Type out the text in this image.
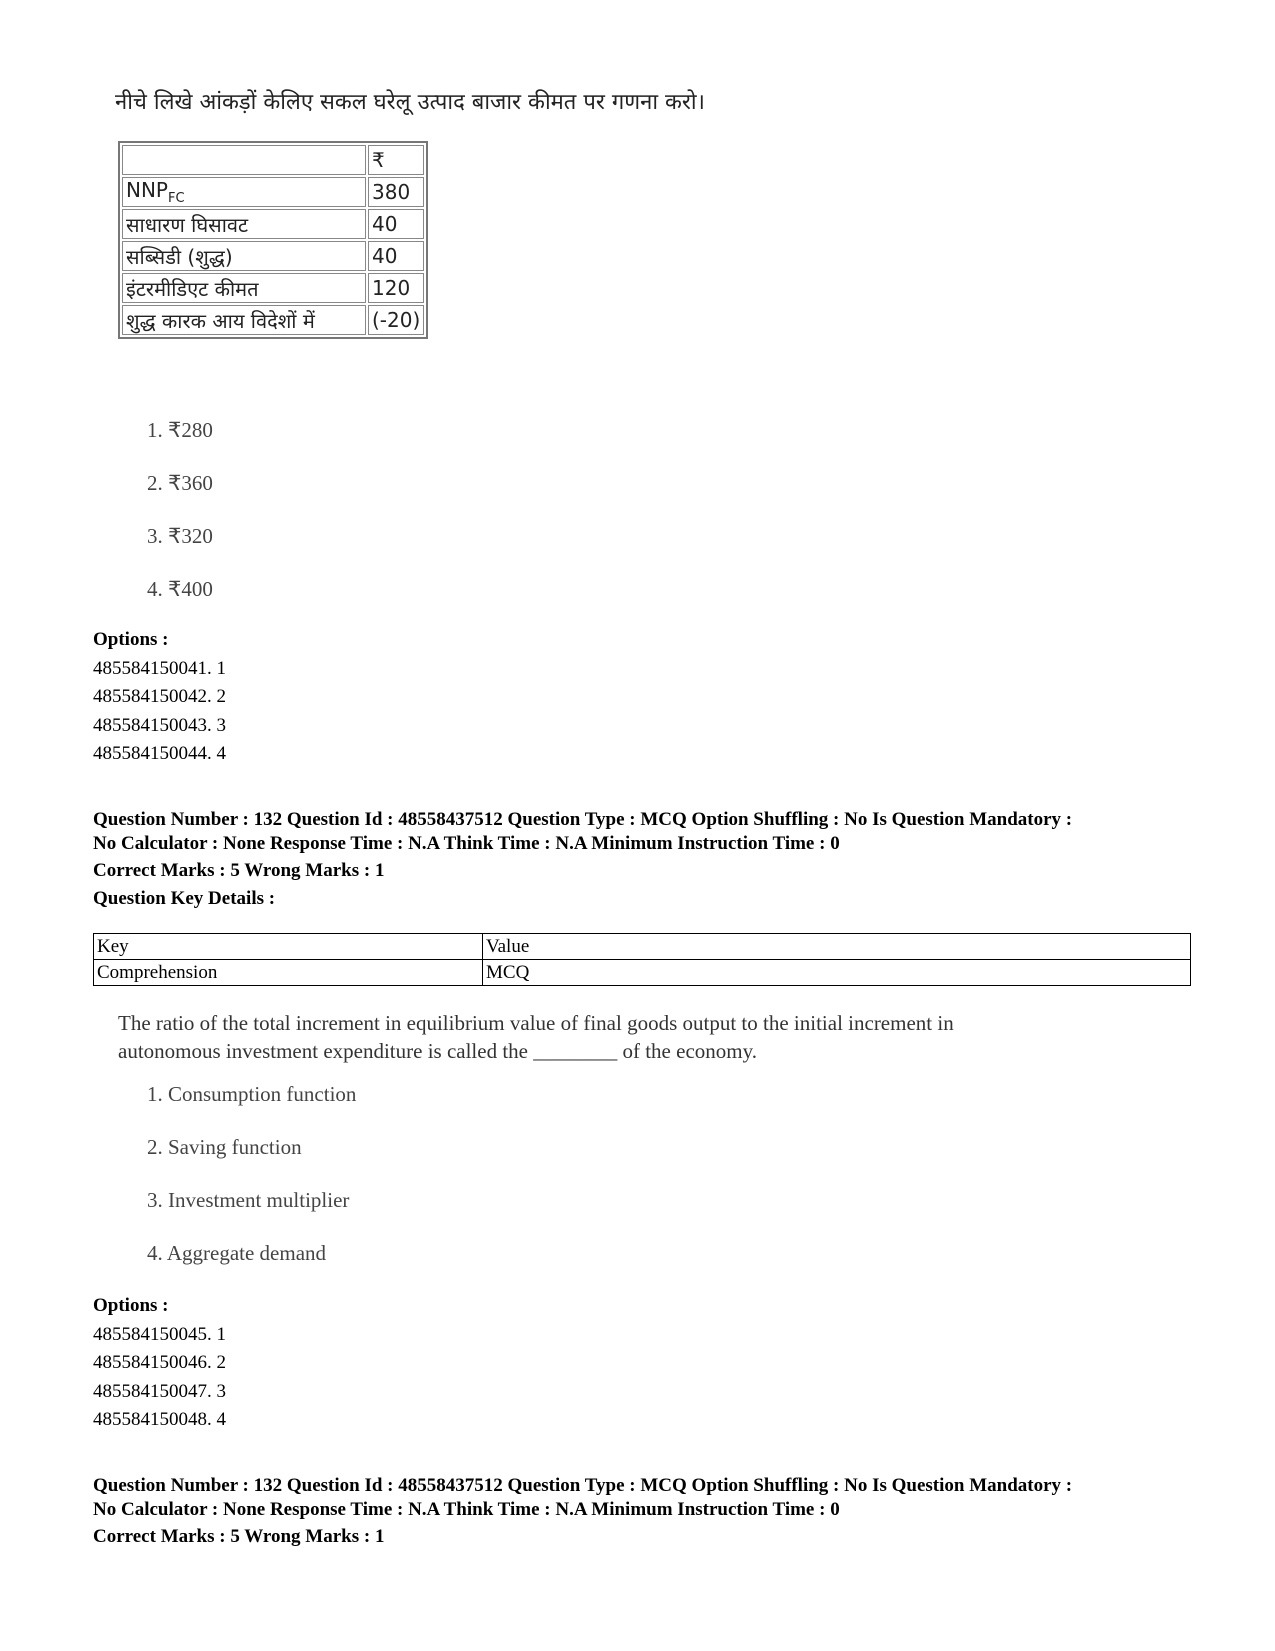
नीचे लिखे आंकड़ों केलिए सकल घरेलू उत्पाद बाजार कीमत पर गणना करो।
	₹
$NNP_{FC}$	380
साधारण घिसावट	40
सब्सिडी (शुद्ध)	40
इंटरमीडिएट कीमत	120
शुद्ध कारक आय विदेशों में	(-20)
1. ₹280
2. ₹360
3. ₹320
4. ₹400
Options :
485584150041. 1
485584150042. 2
485584150043. 3
485584150044. 4
Question Number : 132 Question Id : 48558437512 Question Type : MCQ Option Shuffling : No Is Question Mandatory :
No Calculator : None Response Time : N.A Think Time : N.A Minimum Instruction Time : 0
Correct Marks : 5 Wrong Marks : 1
Question Key Details :
Key	Value
Comprehension	MCQ
The ratio of the total increment in equilibrium value of final goods output to the initial increment in
autonomous investment expenditure is called the ________ of the economy.
1. Consumption function
2. Saving function
3. Investment multiplier
4. Aggregate demand
Options :
485584150045. 1
485584150046. 2
485584150047. 3
485584150048. 4
Question Number : 132 Question Id : 48558437512 Question Type : MCQ Option Shuffling : No Is Question Mandatory :
No Calculator : None Response Time : N.A Think Time : N.A Minimum Instruction Time : 0
Correct Marks : 5 Wrong Marks : 1
